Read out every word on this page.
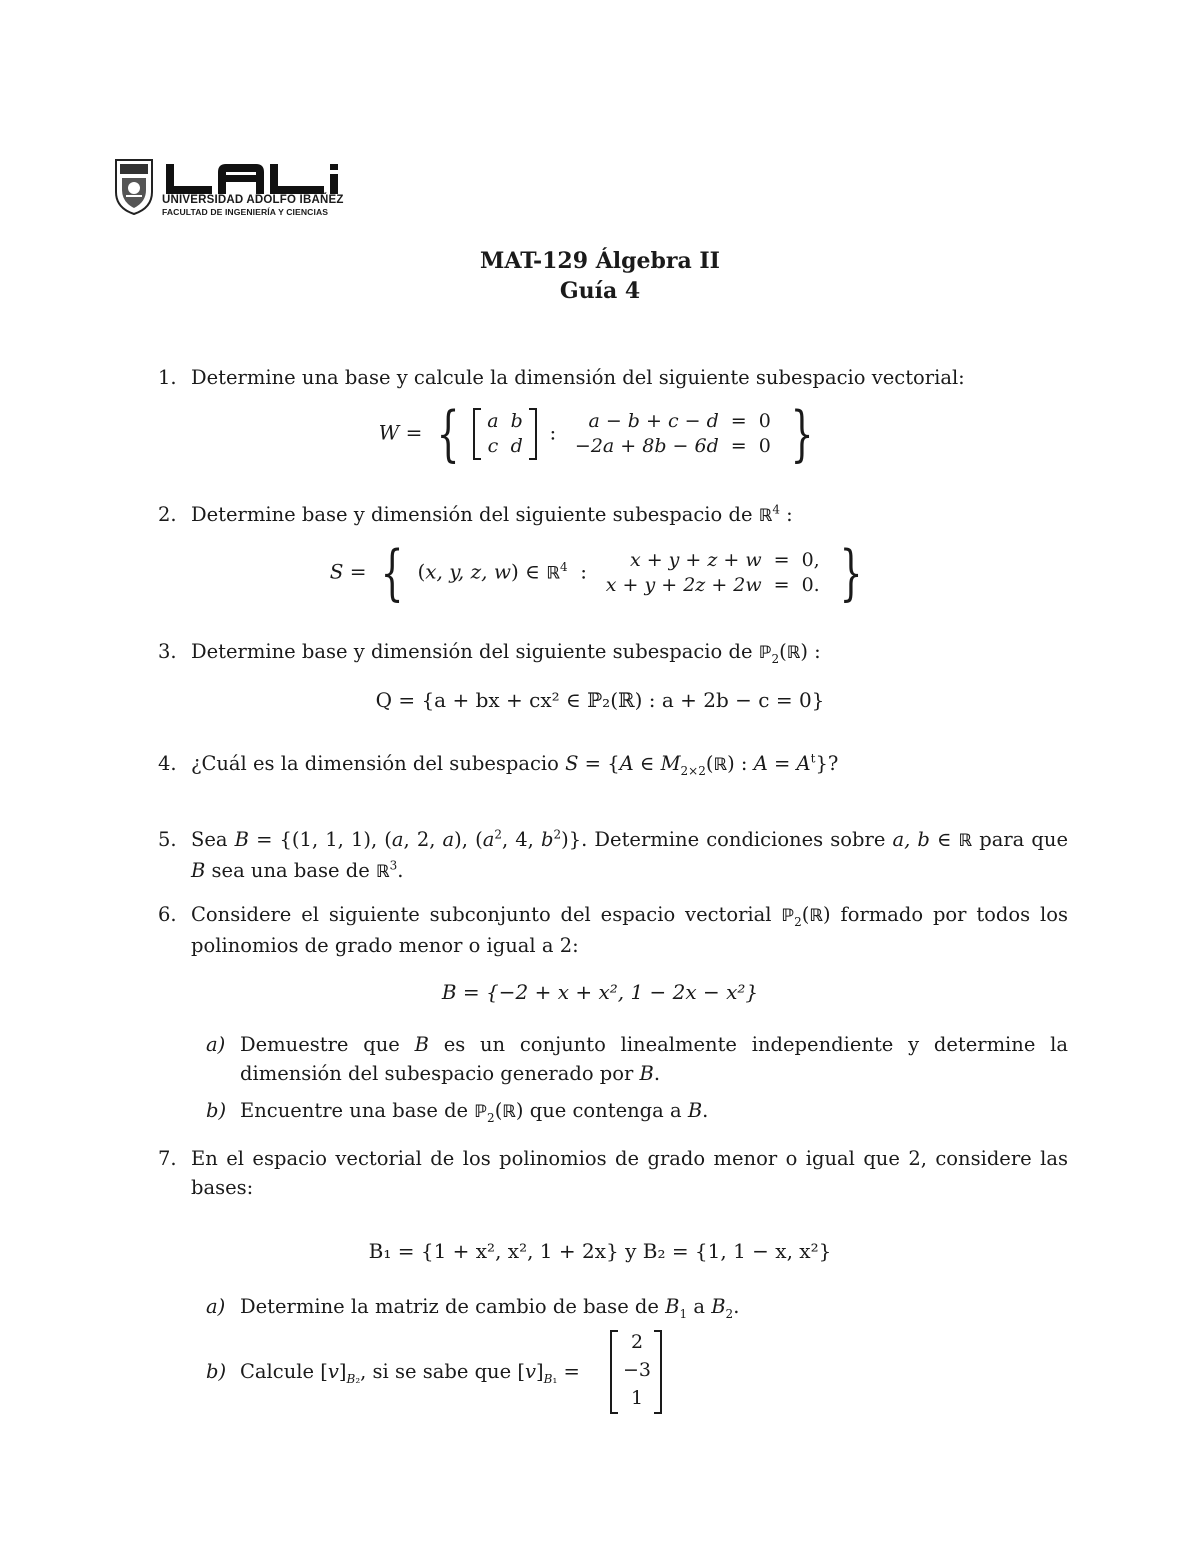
UNIVERSIDAD ADOLFO IBÁÑEZ
FACULTAD DE INGENIERÍA Y CIENCIAS
MAT-129 Álgebra II
Guía 4
1. Determine una base y calcule la dimensión del siguiente subespacio vectorial:
W = { a	b
c	d  : a − b + c − d	=	0
−2a + 8b − 6d	=	0 }
2. Determine base y dimensión del siguiente subespacio de ℝ$^4$ :
S = { (x, y, z, w) ∈ ℝ$^4$  : x + y + z + w	=	0,
x + y + 2z + 2w	=	0. }
3. Determine base y dimensión del siguiente subespacio de ℙ$_2$(ℝ) :
Q = {a + bx + cx² ∈ ℙ₂(ℝ) : a + 2b − c = 0}
4. ¿Cuál es la dimensión del subespacio S = {A ∈ $M_{2\times 2}(ℝ)$ : $A = A^t$}?
5. Sea B = {(1, 1, 1), (a, 2, a), ($a^2$, 4, $b^2$)}. Determine condiciones sobre a, b ∈ ℝ para que B sea una base de ℝ$^3$.
6. Considere el siguiente subconjunto del espacio vectorial ℙ$_2$(ℝ) formado por todos los polinomios de grado menor o igual a 2:
B = {−2 + x + x², 1 − 2x − x²}
a) Demuestre que B es un conjunto linealmente independiente y determine la dimensión del subespacio generado por B.
b) Encuentre una base de ℙ$_2$(ℝ) que contenga a B.
7. En el espacio vectorial de los polinomios de grado menor o igual que 2, considere las bases:
B₁ = {1 + x², x², 1 + 2x} y B₂ = {1, 1 − x, x²}
a) Determine la matriz de cambio de base de $B_1$ a $B_2$.
b) Calcule $[v]_{B_2}$, si se sabe que $[v]_{B_1}$ =
2
−3
1
